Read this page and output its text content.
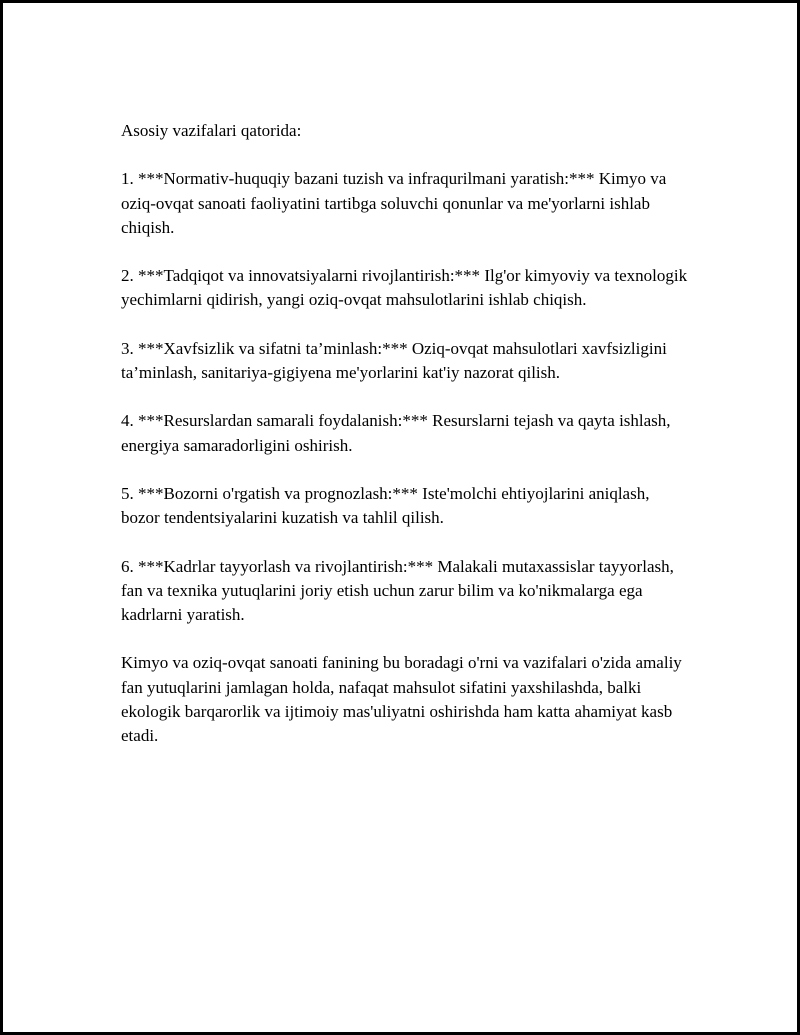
Asosiy vazifalari qatorida:

1. ***Normativ-huquqiy bazani tuzish va infraqurilmani yaratish:*** Kimyo va oziq-ovqat sanoati faoliyatini tartibga soluvchi qonunlar va me'yorlarni ishlab chiqish.

2. ***Tadqiqot va innovatsiyalarni rivojlantirish:*** Ilg'or kimyoviy va texnologik yechimlarni qidirish, yangi oziq-ovqat mahsulotlarini ishlab chiqish.

3. ***Xavfsizlik va sifatni ta’minlash:*** Oziq-ovqat mahsulotlari xavfsizligini ta’minlash, sanitariya-gigiyena me'yorlarini kat'iy nazorat qilish.

4. ***Resurslardan samarali foydalanish:*** Resurslarni tejash va qayta ishlash, energiya samaradorligini oshirish.

5. ***Bozorni o'rgatish va prognozlash:*** Iste'molchi ehtiyojlarini aniqlash, bozor tendentsiyalarini kuzatish va tahlil qilish.

6. ***Kadrlar tayyorlash va rivojlantirish:*** Malakali mutaxassislar tayyorlash, fan va texnika yutuqlarini joriy etish uchun zarur bilim va ko'nikmalarga ega kadrlarni yaratish.

Kimyo va oziq-ovqat sanoati fanining bu boradagi o'rni va vazifalari o'zida amaliy fan yutuqlarini jamlagan holda, nafaqat mahsulot sifatini yaxshilashda, balki ekologik barqarorlik va ijtimoiy mas'uliyatni oshirishda ham katta ahamiyat kasb etadi.
